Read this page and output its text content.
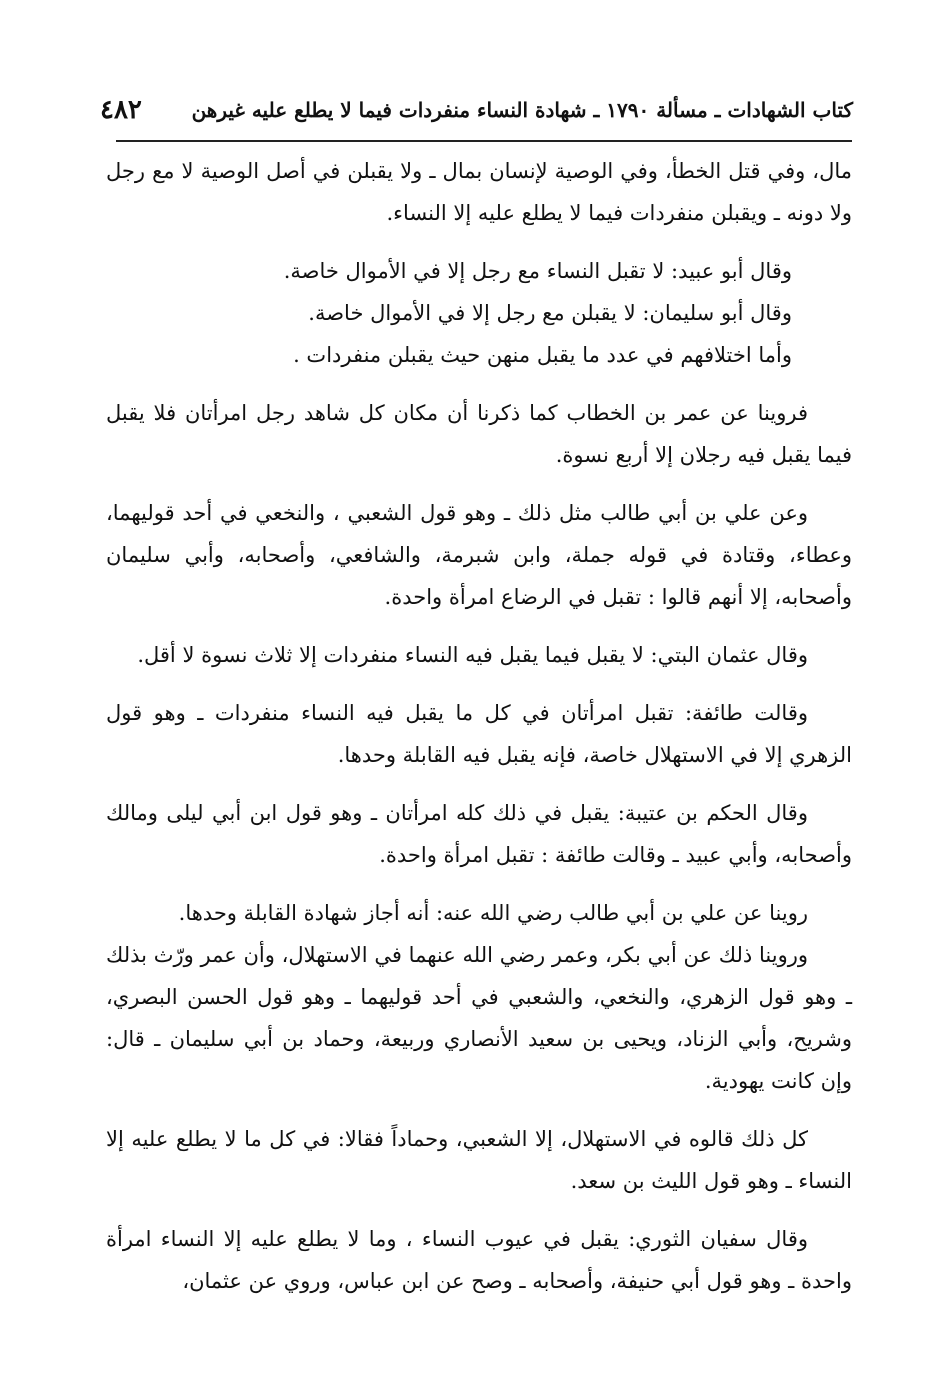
كتاب الشهادات ـ مسألة ١٧٩٠ ـ شهادة النساء منفردات فيما لا يطلع عليه غيرهن
٤٨٢

مال، وفي قتل الخطأ، وفي الوصية لإنسان بمال ـ ولا يقبلن في أصل الوصية لا مع رجل ولا دونه ـ ويقبلن منفردات فيما لا يطلع عليه إلا النساء.

وقال أبو عبيد: لا تقبل النساء مع رجل إلا في الأموال خاصة.

وقال أبو سليمان: لا يقبلن مع رجل إلا في الأموال خاصة.

وأما اختلافهم في عدد ما يقبل منهن حيث يقبلن منفردات .

فروينا عن عمر بن الخطاب كما ذكرنا أن مكان كل شاهد رجل امرأتان فلا يقبل فيما يقبل فيه رجلان إلا أربع نسوة.

وعن علي بن أبي طالب مثل ذلك ـ وهو قول الشعبي ، والنخعي في أحد قوليهما، وعطاء، وقتادة في قوله جملة، وابن شبرمة، والشافعي، وأصحابه، وأبي سليمان وأصحابه، إلا أنهم قالوا : تقبل في الرضاع امرأة واحدة.

وقال عثمان البتي: لا يقبل فيما يقبل فيه النساء منفردات إلا ثلاث نسوة لا أقل.

وقالت طائفة: تقبل امرأتان في كل ما يقبل فيه النساء منفردات ـ وهو قول الزهري إلا في الاستهلال خاصة، فإنه يقبل فيه القابلة وحدها.

وقال الحكم بن عتيبة: يقبل في ذلك كله امرأتان ـ وهو قول ابن أبي ليلى ومالك وأصحابه، وأبي عبيد ـ وقالت طائفة : تقبل امرأة واحدة.

روينا عن علي بن أبي طالب رضي الله عنه: أنه أجاز شهادة القابلة وحدها.

وروينا ذلك عن أبي بكر، وعمر رضي الله عنهما في الاستهلال، وأن عمر ورّث بذلك ـ وهو قول الزهري، والنخعي، والشعبي في أحد قوليهما ـ وهو قول الحسن البصري، وشريح، وأبي الزناد، ويحيى بن سعيد الأنصاري وربيعة، وحماد بن أبي سليمان ـ قال: وإن كانت يهودية.

كل ذلك قالوه في الاستهلال، إلا الشعبي، وحماداً فقالا: في كل ما لا يطلع عليه إلا النساء ـ وهو قول الليث بن سعد.

وقال سفيان الثوري: يقبل في عيوب النساء ، وما لا يطلع عليه إلا النساء امرأة واحدة ـ وهو قول أبي حنيفة، وأصحابه ـ وصح عن ابن عباس، وروي عن عثمان،
